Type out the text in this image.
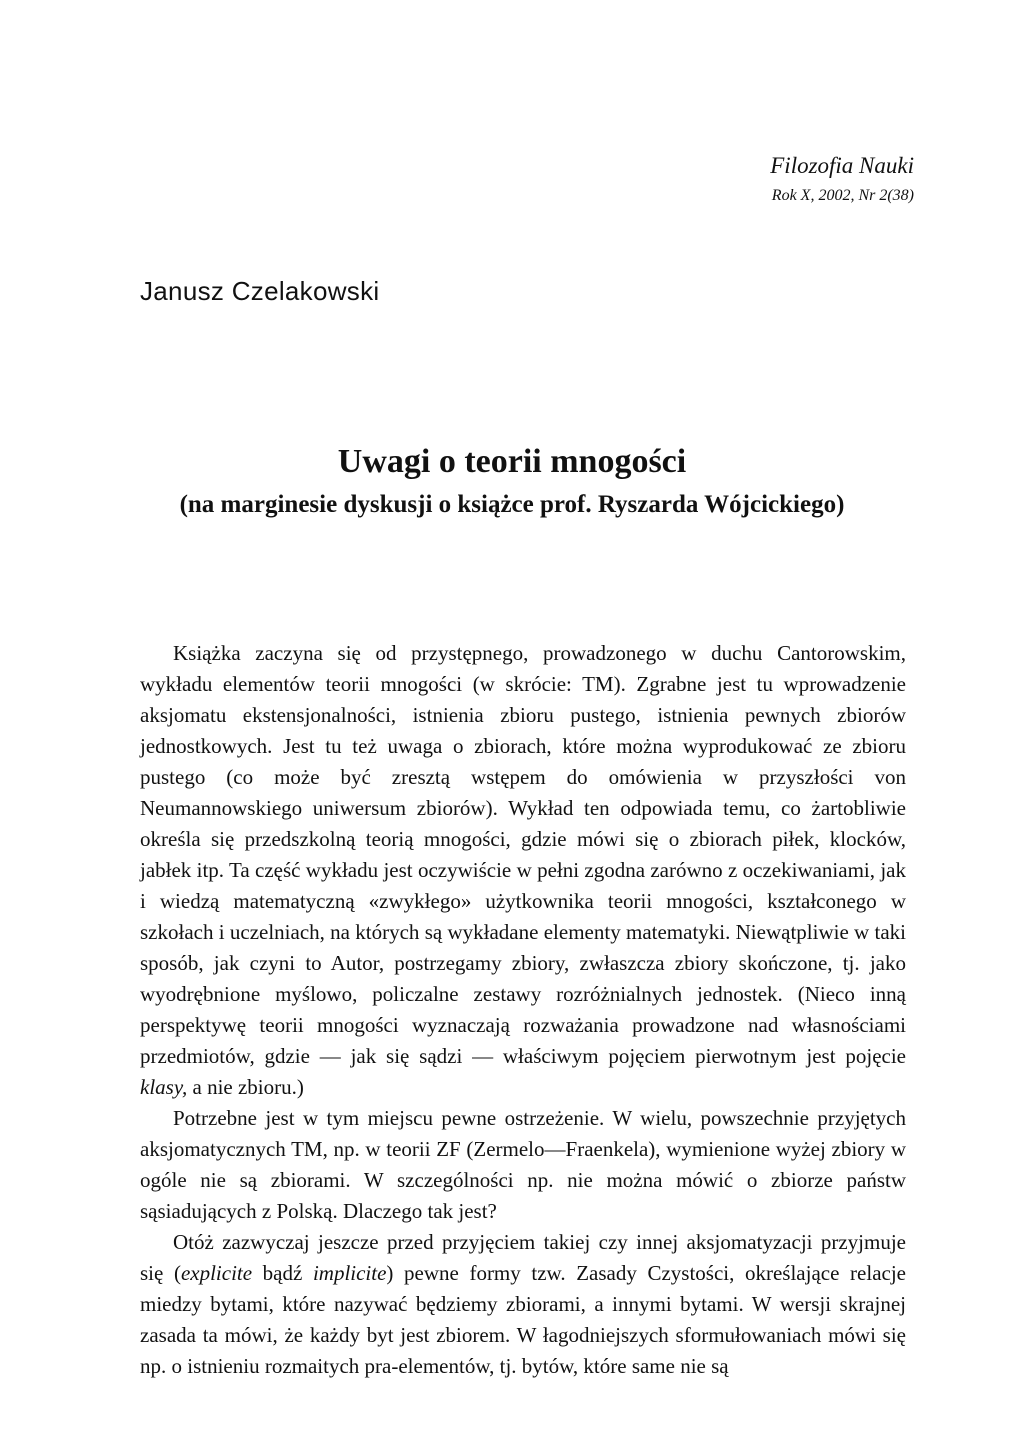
Filozofia Nauki
Rok X, 2002, Nr 2(38)
Janusz Czelakowski
Uwagi o teorii mnogości
(na marginesie dyskusji o książce prof. Ryszarda Wójcickiego)

Książka zaczyna się od przystępnego, prowadzonego w duchu Cantorowskim, wykładu elementów teorii mnogości (w skrócie: TM). Zgrabne jest tu wprowadzenie aksjomatu ekstensjonalności, istnienia zbioru pustego, istnienia pewnych zbiorów jednostkowych. Jest tu też uwaga o zbiorach, które można wyprodukować ze zbioru pustego (co może być zresztą wstępem do omówienia w przyszłości von Neumannowskiego uniwersum zbiorów). Wykład ten odpowiada temu, co żartobliwie określa się przedszkolną teorią mnogości, gdzie mówi się o zbiorach piłek, klocków, jabłek itp. Ta część wykładu jest oczywiście w pełni zgodna zarówno z oczekiwaniami, jak i wiedzą matematyczną «zwykłego» użytkownika teorii mnogości, kształconego w szkołach i uczelniach, na których są wykładane elementy matematyki. Niewątpliwie w taki sposób, jak czyni to Autor, postrzegamy zbiory, zwłaszcza zbiory skończone, tj. jako wyodrębnione myślowo, policzalne zestawy rozróżnialnych jednostek. (Nieco inną perspektywę teorii mnogości wyznaczają rozważania prowadzone nad własnościami przedmiotów, gdzie — jak się sądzi — właściwym pojęciem pierwotnym jest pojęcie klasy, a nie zbioru.)

Potrzebne jest w tym miejscu pewne ostrzeżenie. W wielu, powszechnie przyjętych aksjomatycznych TM, np. w teorii ZF (Zermelo—Fraenkela), wymienione wyżej zbiory w ogóle nie są zbiorami. W szczególności np. nie można mówić o zbiorze państw sąsiadujących z Polską. Dlaczego tak jest?

Otóż zazwyczaj jeszcze przed przyjęciem takiej czy innej aksjomatyzacji przyjmuje się (explicite bądź implicite) pewne formy tzw. Zasady Czystości, określające relacje miedzy bytami, które nazywać będziemy zbiorami, a innymi bytami. W wersji skrajnej zasada ta mówi, że każdy byt jest zbiorem. W łagodniejszych sformułowaniach mówi się np. o istnieniu rozmaitych pra-elementów, tj. bytów, które same nie są
